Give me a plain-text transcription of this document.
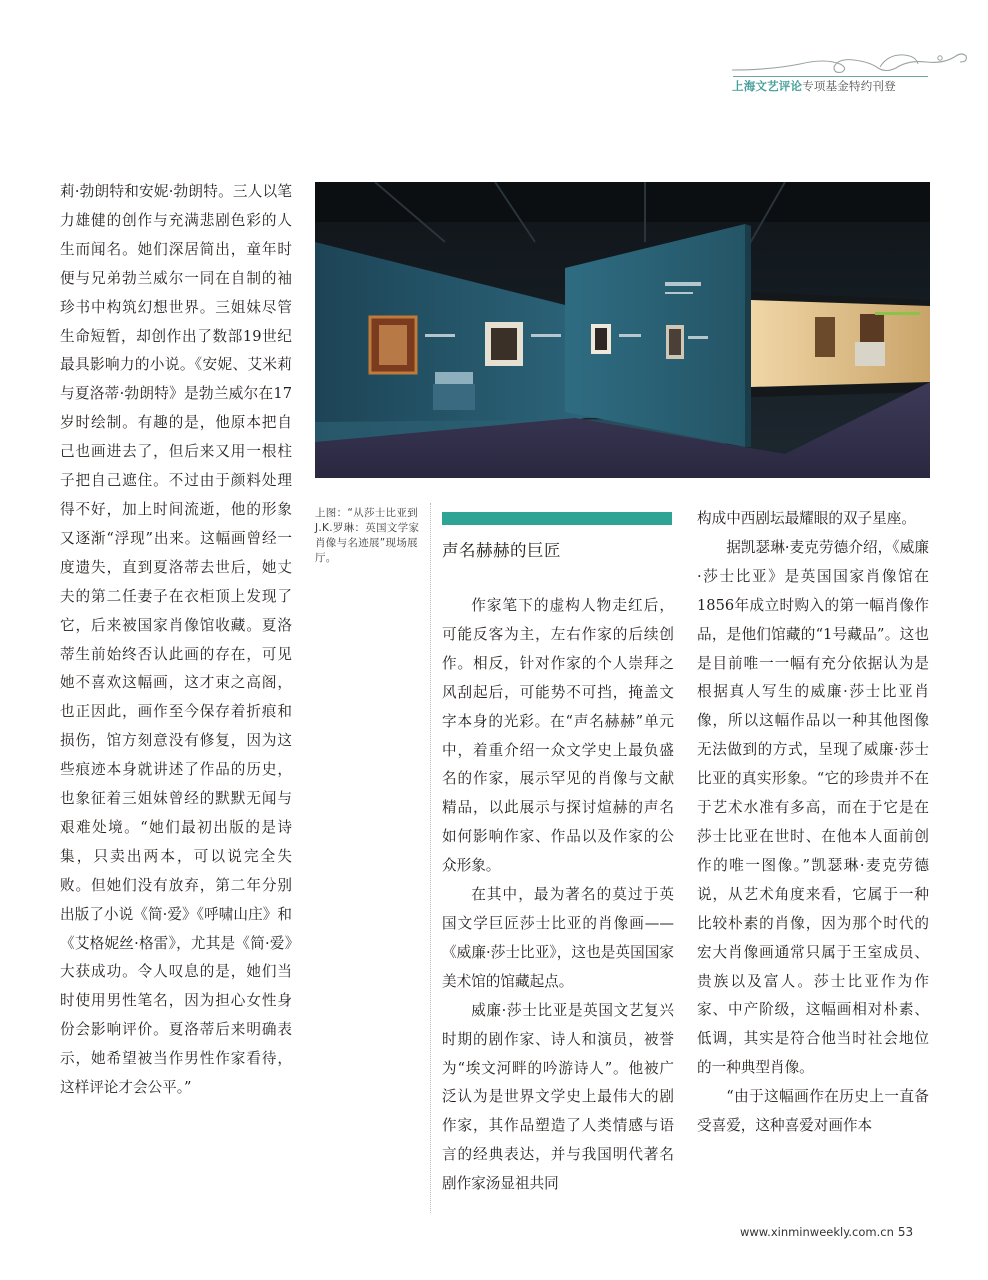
上海文艺评论专项基金特约刊登

莉·勃朗特和安妮·勃朗特。三人以笔力雄健的创作与充满悲剧色彩的人生而闻名。她们深居简出，童年时便与兄弟勃兰威尔一同在自制的袖珍书中构筑幻想世界。三姐妹尽管生命短暂，却创作出了数部19世纪最具影响力的小说。《安妮、艾米莉与夏洛蒂·勃朗特》是勃兰威尔在17岁时绘制。有趣的是，他原本把自己也画进去了，但后来又用一根柱子把自己遮住。不过由于颜料处理得不好，加上时间流逝，他的形象又逐渐“浮现”出来。这幅画曾经一度遗失，直到夏洛蒂去世后，她丈夫的第二任妻子在衣柜顶上发现了它，后来被国家肖像馆收藏。夏洛蒂生前始终否认此画的存在，可见她不喜欢这幅画，这才束之高阁，也正因此，画作至今保存着折痕和损伤，馆方刻意没有修复，因为这些痕迹本身就讲述了作品的历史，也象征着三姐妹曾经的默默无闻与艰难处境。“她们最初出版的是诗集，只卖出两本，可以说完全失败。但她们没有放弃，第二年分别出版了小说《简·爱》《呼啸山庄》和《艾格妮丝·格雷》，尤其是《简·爱》大获成功。令人叹息的是，她们当时使用男性笔名，因为担心女性身份会影响评价。夏洛蒂后来明确表示，她希望被当作男性作家看待，这样评论才会公平。”

上图：“从莎士比亚到J.K.罗琳：英国文学家肖像与名迹展”现场展厅。	声名赫赫的巨匠

作家笔下的虚构人物走红后，可能反客为主，左右作家的后续创作。相反，针对作家的个人崇拜之风刮起后，可能势不可挡，掩盖文字本身的光彩。在“声名赫赫”单元中，着重介绍一众文学史上最负盛名的作家，展示罕见的肖像与文献精品，以此展示与探讨煊赫的声名如何影响作家、作品以及作家的公众形象。

在其中，最为著名的莫过于英国文学巨匠莎士比亚的肖像画——《威廉·莎士比亚》，这也是英国国家美术馆的馆藏起点。

威廉·莎士比亚是英国文艺复兴时期的剧作家、诗人和演员，被誉为“埃文河畔的吟游诗人”。他被广泛认为是世界文学史上最伟大的剧作家，其作品塑造了人类情感与语言的经典表达，并与我国明代著名剧作家汤显祖共同

构成中西剧坛最耀眼的双子星座。

据凯瑟琳·麦克劳德介绍，《威廉·莎士比亚》是英国国家肖像馆在1856年成立时购入的第一幅肖像作品，是他们馆藏的“1号藏品”。这也是目前唯一一幅有充分依据认为是根据真人写生的威廉·莎士比亚肖像，所以这幅作品以一种其他图像无法做到的方式，呈现了威廉·莎士比亚的真实形象。“它的珍贵并不在于艺术水准有多高，而在于它是在莎士比亚在世时、在他本人面前创作的唯一图像。”凯瑟琳·麦克劳德说，从艺术角度来看，它属于一种比较朴素的肖像，因为那个时代的宏大肖像画通常只属于王室成员、贵族以及富人。莎士比亚作为作家、中产阶级，这幅画相对朴素、低调，其实是符合他当时社会地位的一种典型肖像。

“由于这幅画作在历史上一直备受喜爱，这种喜爱对画作本

www.xinminweekly.com.cn 53
